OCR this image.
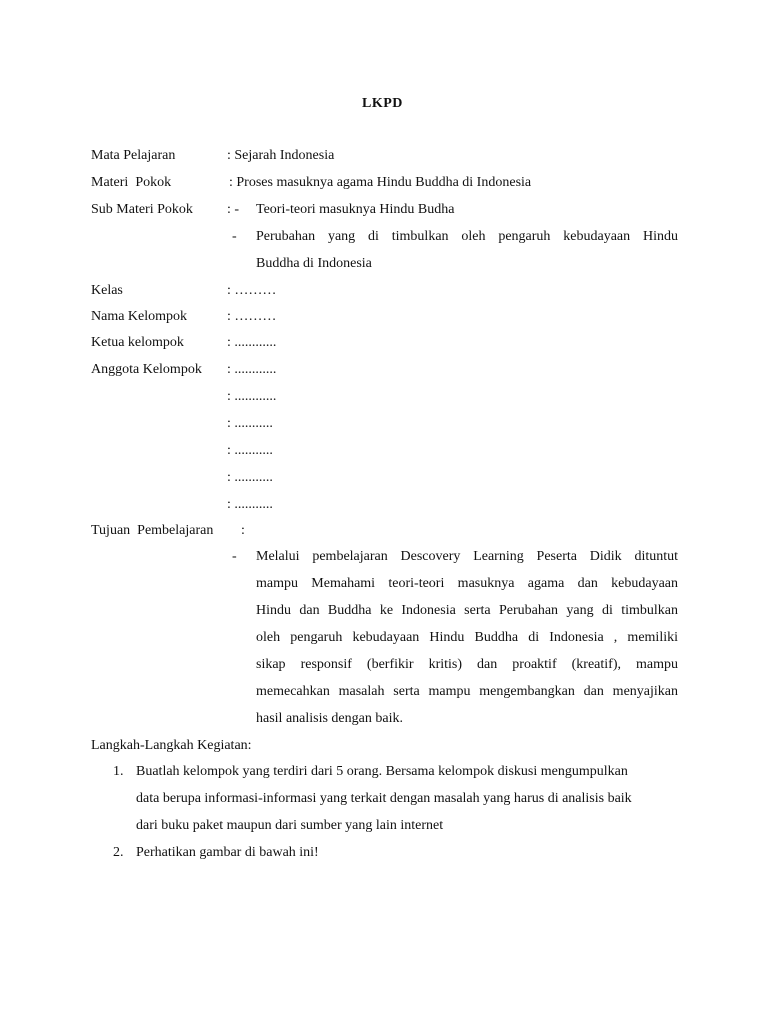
LKPD
Mata Pelajaran	: Sejarah Indonesia
Materi  Pokok	: Proses masuknya agama Hindu Buddha di Indonesia
Sub Materi Pokok : - Teori-teori masuknya Hindu Budha
- Perubahan yang di timbulkan oleh pengaruh kebudayaan Hindu
Buddha di Indonesia
Kelas	: ………
Nama Kelompok	: ………
Ketua kelompok	: ............
Anggota Kelompok : ............
: ............
: ...........
: ...........
: ...........
: ...........
Tujuan  Pembelajaran :
- Melalui pembelajaran Descovery Learning Peserta Didik dituntut
mampu Memahami teori-teori masuknya agama dan kebudayaan
Hindu dan Buddha ke Indonesia serta Perubahan yang di timbulkan
oleh pengaruh kebudayaan Hindu Buddha di Indonesia , memiliki
sikap responsif (berfikir kritis) dan proaktif (kreatif), mampu
memecahkan masalah serta mampu mengembangkan dan menyajikan
hasil analisis dengan baik.
Langkah-Langkah Kegiatan:
1. Buatlah kelompok yang terdiri dari 5 orang. Bersama kelompok diskusi mengumpulkan
data berupa informasi-informasi yang terkait dengan masalah yang harus di analisis baik
dari buku paket maupun dari sumber yang lain internet
2. Perhatikan gambar di bawah ini!
